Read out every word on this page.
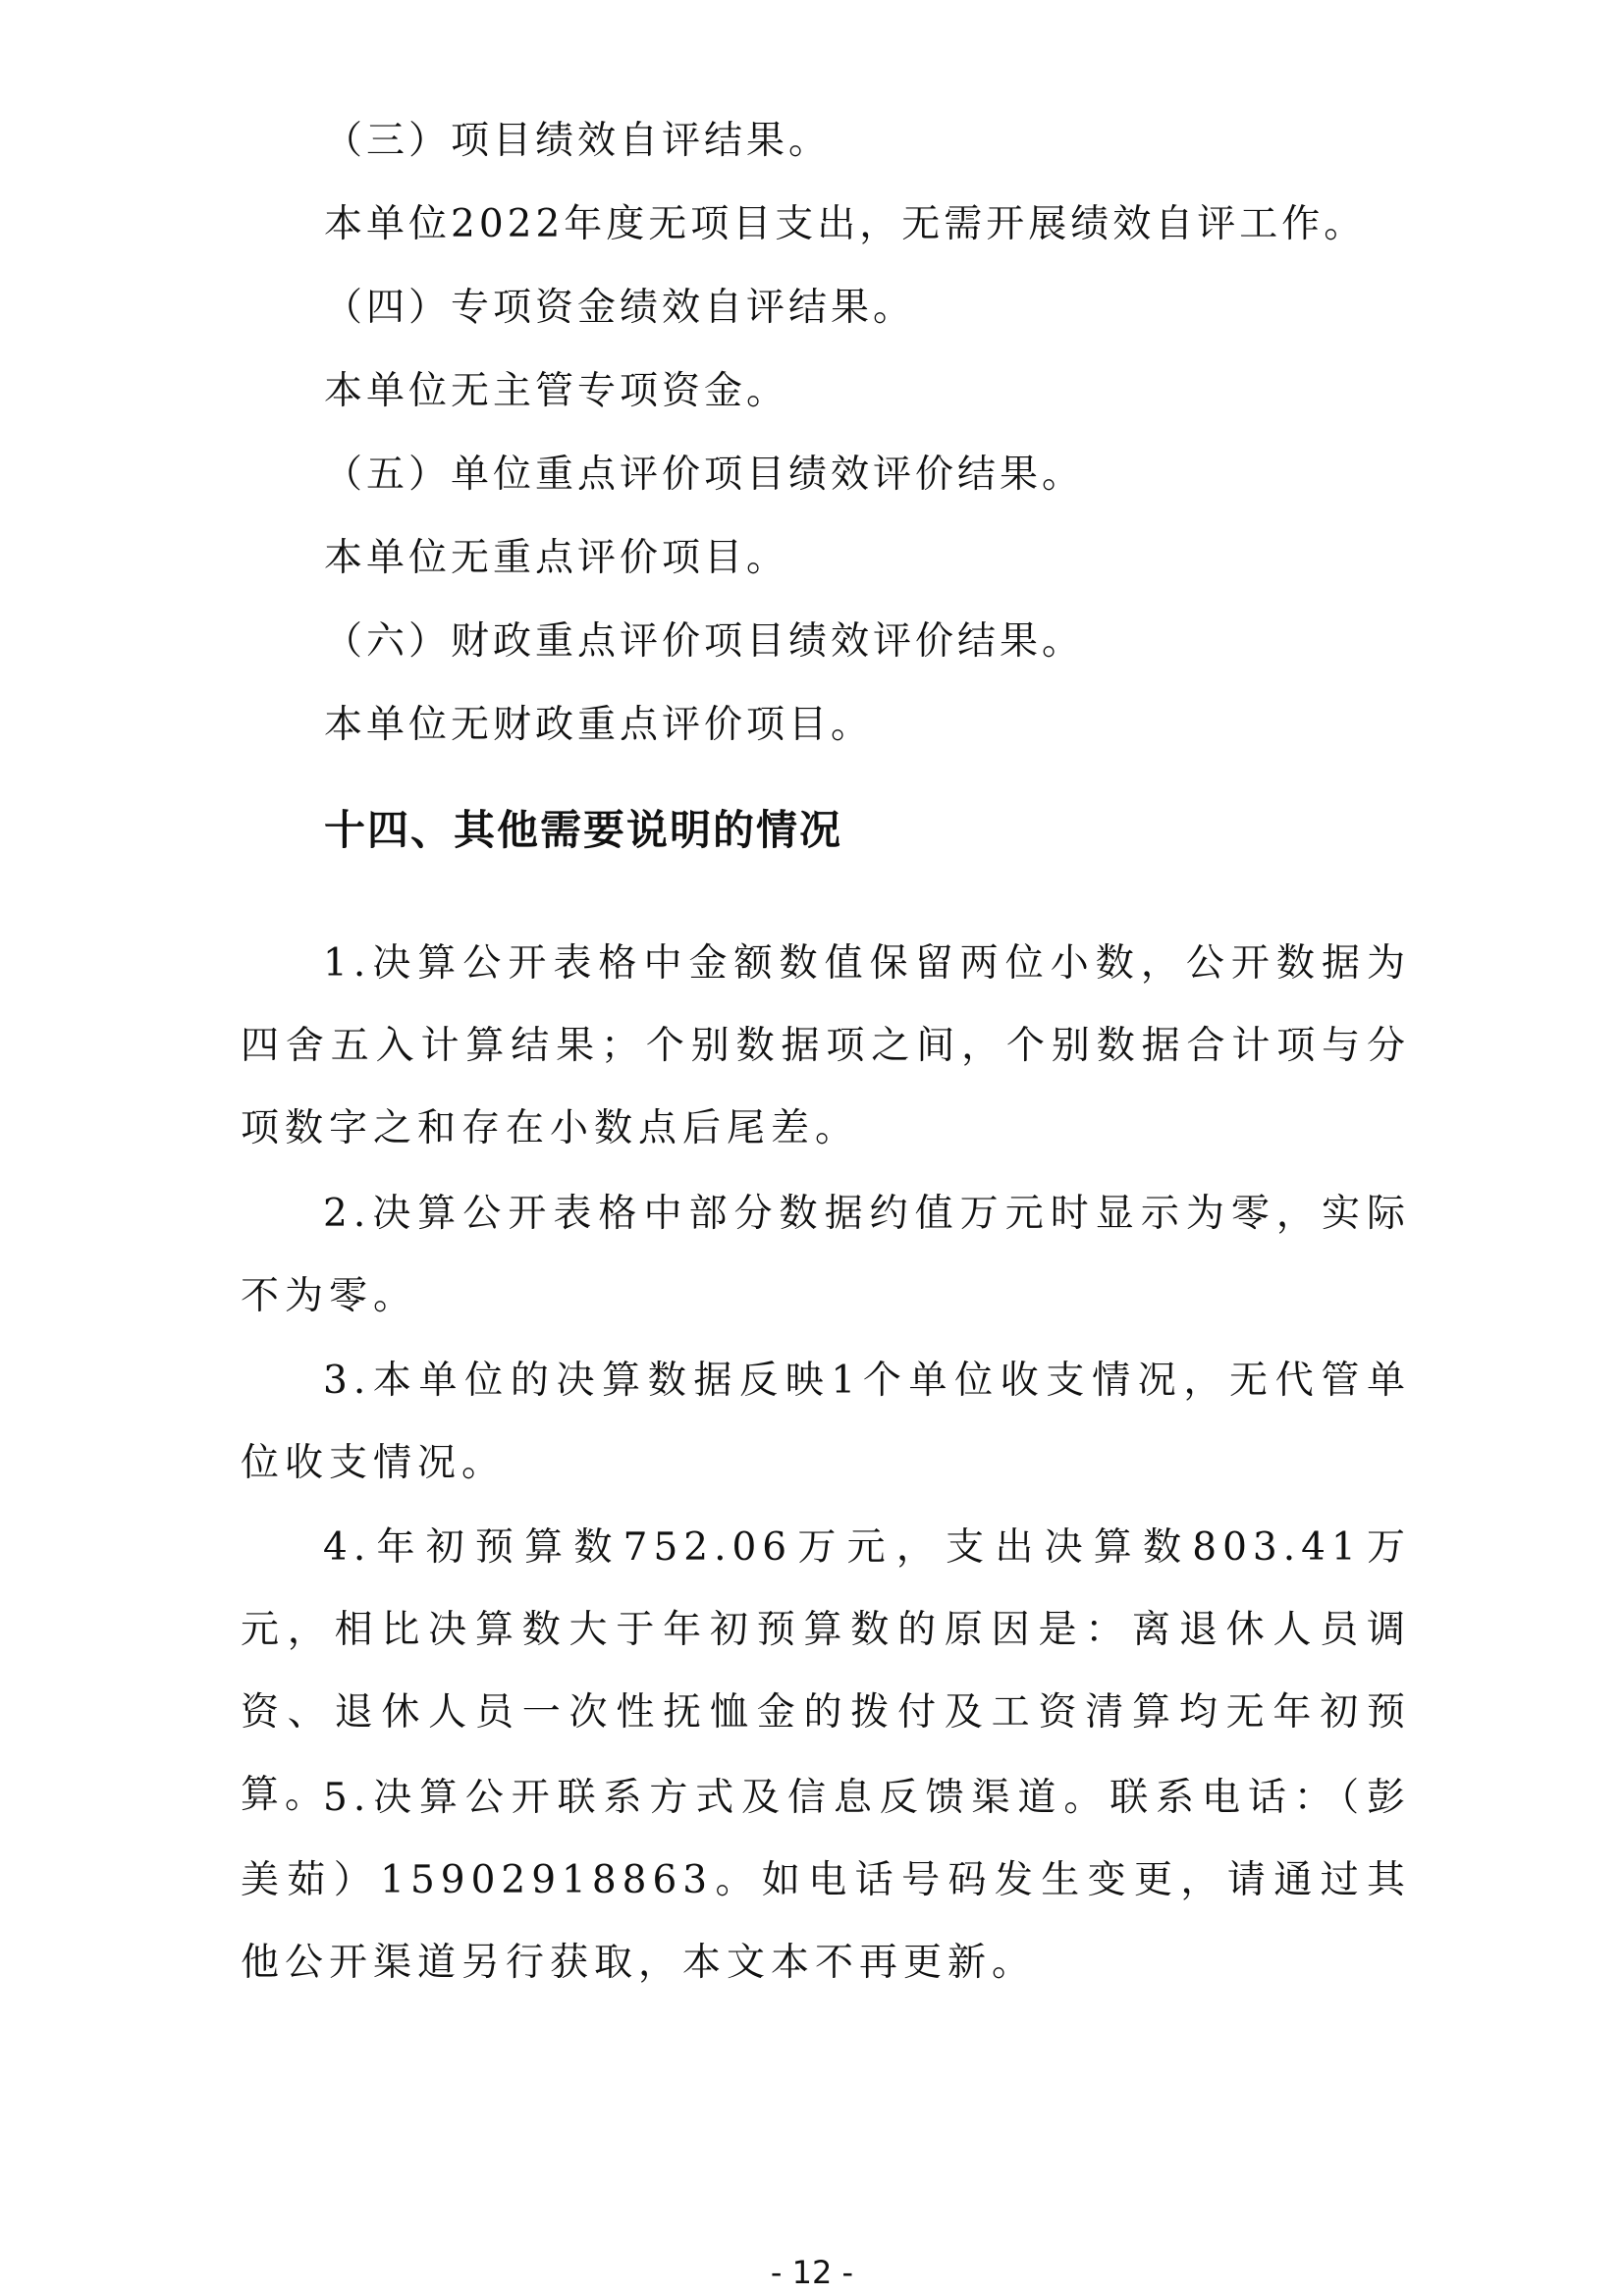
（三）项目绩效自评结果。
本单位2022年度无项目支出，无需开展绩效自评工作。
（四）专项资金绩效自评结果。
本单位无主管专项资金。
（五）单位重点评价项目绩效评价结果。
本单位无重点评价项目。
（六）财政重点评价项目绩效评价结果。
本单位无财政重点评价项目。
十四、其他需要说明的情况
1.决算公开表格中金额数值保留两位小数，公开数据为四舍五入计算结果；个别数据项之间，个别数据合计项与分项数字之和存在小数点后尾差。
2.决算公开表格中部分数据约值万元时显示为零，实际不为零。
3.本单位的决算数据反映1个单位收支情况，无代管单位收支情况。
4.年初预算数752.06万元，支出决算数803.41万元，相比决算数大于年初预算数的原因是：离退休人员调资、退休人员一次性抚恤金的拨付及工资清算均无年初预算。
5.决算公开联系方式及信息反馈渠道。联系电话：（彭美茹）15902918863。如电话号码发生变更，请通过其他公开渠道另行获取，本文本不再更新。
- 12 -
